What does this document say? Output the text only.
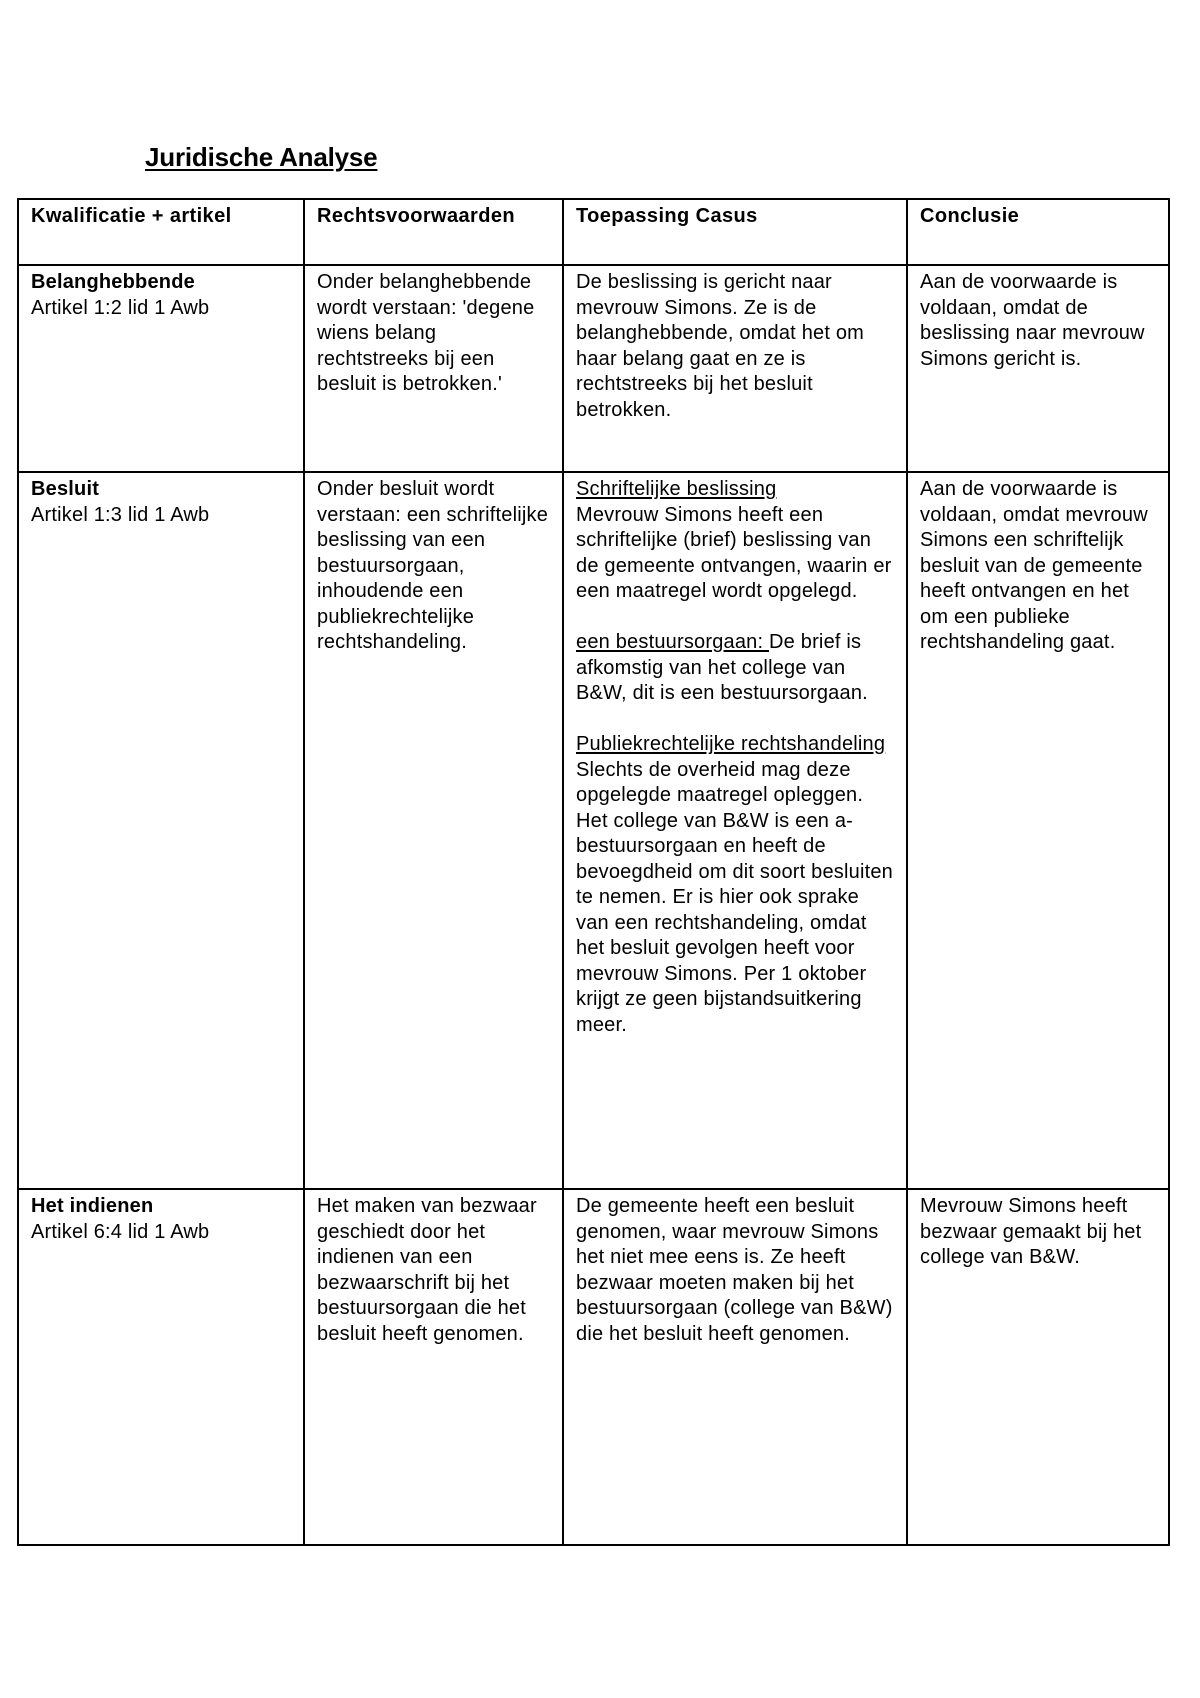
Juridische Analyse
Kwalificatie + artikel	Rechtsvoorwaarden	Toepassing Casus	Conclusie

Belanghebbende
Artikel 1:2 lid 1 Awb	Onder belanghebbende wordt verstaan: 'degene wiens belang rechtstreeks bij een besluit is betrokken.'	De beslissing is gericht naar mevrouw Simons. Ze is de belanghebbende, omdat het om haar belang gaat en ze is rechtstreeks bij het besluit betrokken.	Aan de voorwaarde is voldaan, omdat de beslissing naar mevrouw Simons gericht is.

Besluit
Artikel 1:3 lid 1 Awb	Onder besluit wordt verstaan: een schriftelijke beslissing van een bestuursorgaan, inhoudende een publiekrechtelijke rechtshandeling.	Schriftelijke beslissing
Mevrouw Simons heeft een schriftelijke (brief) beslissing van de gemeente ontvangen, waarin er een maatregel wordt opgelegd.
een bestuursorgaan: De brief is afkomstig van het college van B&W, dit is een bestuursorgaan.
Publiekrechtelijke rechtshandeling Slechts de overheid mag deze opgelegde maatregel opleggen. Het college van B&W is een a-bestuursorgaan en heeft de bevoegdheid om dit soort besluiten te nemen. Er is hier ook sprake van een rechtshandeling, omdat het besluit gevolgen heeft voor mevrouw Simons. Per 1 oktober krijgt ze geen bijstandsuitkering meer.	Aan de voorwaarde is voldaan, omdat mevrouw Simons een schriftelijk besluit van de gemeente heeft ontvangen en het om een publieke rechtshandeling gaat.

Het indienen
Artikel 6:4 lid 1 Awb	Het maken van bezwaar geschiedt door het indienen van een bezwaarschrift bij het bestuursorgaan die het besluit heeft genomen.	De gemeente heeft een besluit genomen, waar mevrouw Simons het niet mee eens is. Ze heeft bezwaar moeten maken bij het bestuursorgaan (college van B&W) die het besluit heeft genomen.	Mevrouw Simons heeft bezwaar gemaakt bij het college van B&W.
